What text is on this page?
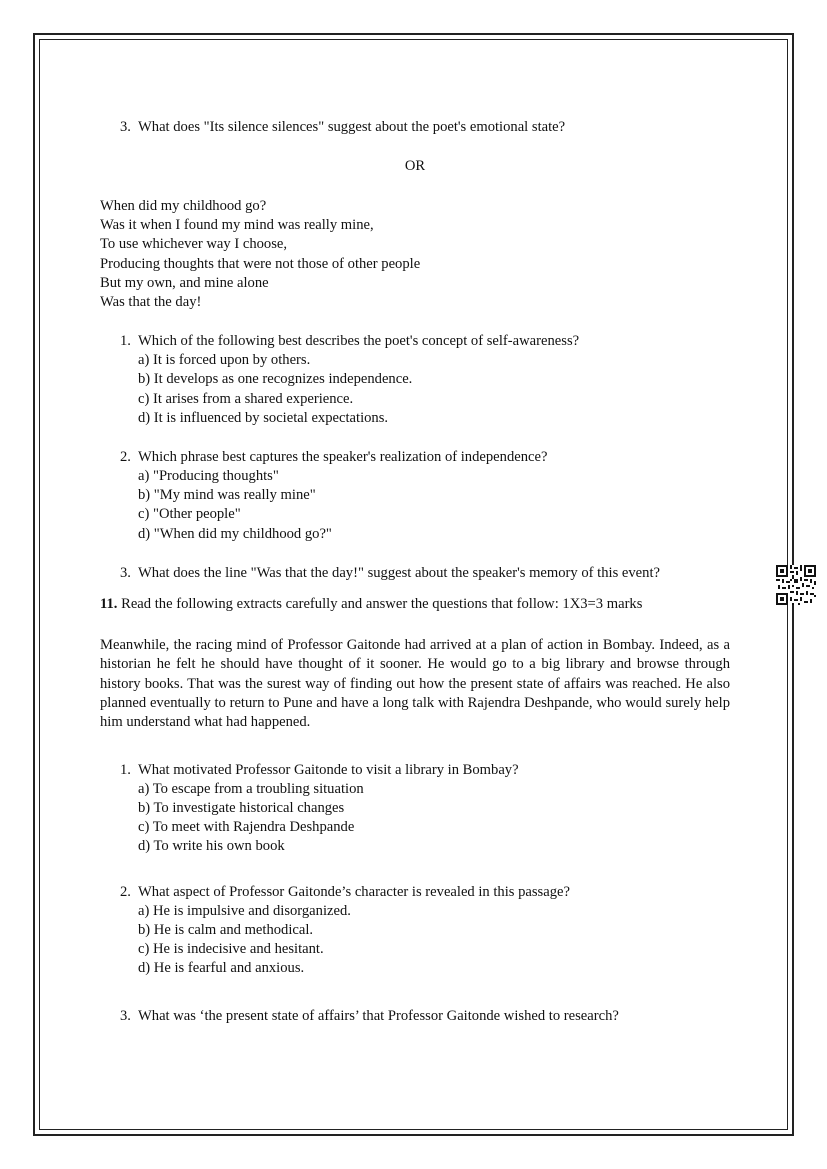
3. What does "Its silence silences" suggest about the poet's emotional state?
OR
When did my childhood go?
Was it when I found my mind was really mine,
To use whichever way I choose,
Producing thoughts that were not those of other people
But my own, and mine alone
Was that the day!
1. Which of the following best describes the poet's concept of self-awareness?
a) It is forced upon by others.
b) It develops as one recognizes independence.
c) It arises from a shared experience.
d) It is influenced by societal expectations.
2. Which phrase best captures the speaker's realization of independence?
a) "Producing thoughts"
b) "My mind was really mine"
c) "Other people"
d) "When did my childhood go?"
3. What does the line "Was that the day!" suggest about the speaker's memory of this event?
11. Read the following extracts carefully and answer the questions that follow: 1X3=3 marks
Meanwhile, the racing mind of Professor Gaitonde had arrived at a plan of action in Bombay. Indeed, as a historian he felt he should have thought of it sooner. He would go to a big library and browse through history books. That was the surest way of finding out how the present state of affairs was reached. He also planned eventually to return to Pune and have a long talk with Rajendra Deshpande, who would surely help him understand what had happened.
1. What motivated Professor Gaitonde to visit a library in Bombay?
a) To escape from a troubling situation
b) To investigate historical changes
c) To meet with Rajendra Deshpande
d) To write his own book
2. What aspect of Professor Gaitonde’s character is revealed in this passage?
a) He is impulsive and disorganized.
b) He is calm and methodical.
c) He is indecisive and hesitant.
d) He is fearful and anxious.
3. What was ‘the present state of affairs’ that Professor Gaitonde wished to research?
